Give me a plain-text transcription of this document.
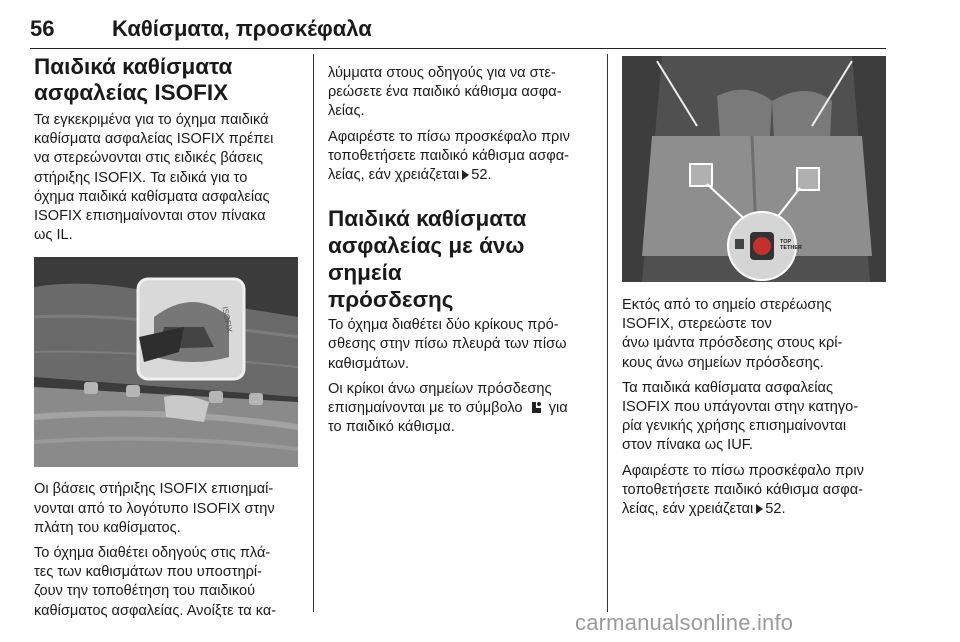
56	Καθίσματα, προσκέφαλα
Παιδικά καθίσματα
ασφαλείας ISOFIX

Τα εγκεκριμένα για το όχημα παιδικά
καθίσματα ασφαλείας ISOFIX πρέπει
να στερεώνονται στις ειδικές βάσεις
στήριξης ISOFIX. Τα ειδικά για το
όχημα παιδικά καθίσματα ασφαλείας
ISOFIX επισημαίνονται στον πίνακα
ως IL.

ISOFIX

Οι βάσεις στήριξης ISOFIX επισημαί-
νονται από το λογότυπο ISOFIX στην
πλάτη του καθίσματος.

Το όχημα διαθέτει οδηγούς στις πλά-
τες των καθισμάτων που υποστηρί-
ζουν την τοποθέτηση του παιδικού
καθίσματος ασφαλείας. Ανοίξτε τα κα-

λύμματα στους οδηγούς για να στε-
ρεώσετε ένα παιδικό κάθισμα ασφα-
λείας.

Αφαιρέστε το πίσω προσκέφαλο πριν
τοποθετήσετε παιδικό κάθισμα ασφα-
λείας, εάν χρειάζεται 52.

Παιδικά καθίσματα
ασφαλείας με άνω σημεία
πρόσδεσης

Το όχημα διαθέτει δύο κρίκους πρό-
σθεσης στην πίσω πλευρά των πίσω
καθισμάτων.

Οι κρίκοι άνω σημείων πρόσδεσης
επισημαίνονται με το σύμβολο για
το παιδικό κάθισμα.

TOP TETHER

Εκτός από το σημείο στερέωσης
ISOFIX, στερεώστε τον
άνω ιμάντα πρόσδεσης στους κρί-
κους άνω σημείων πρόσδεσης.

Τα παιδικά καθίσματα ασφαλείας
ISOFIX που υπάγονται στην κατηγο-
ρία γενικής χρήσης επισημαίνονται
στον πίνακα ως IUF.

Αφαιρέστε το πίσω προσκέφαλο πριν
τοποθετήσετε παιδικό κάθισμα ασφα-
λείας, εάν χρειάζεται 52.

carmanualsonline.info
